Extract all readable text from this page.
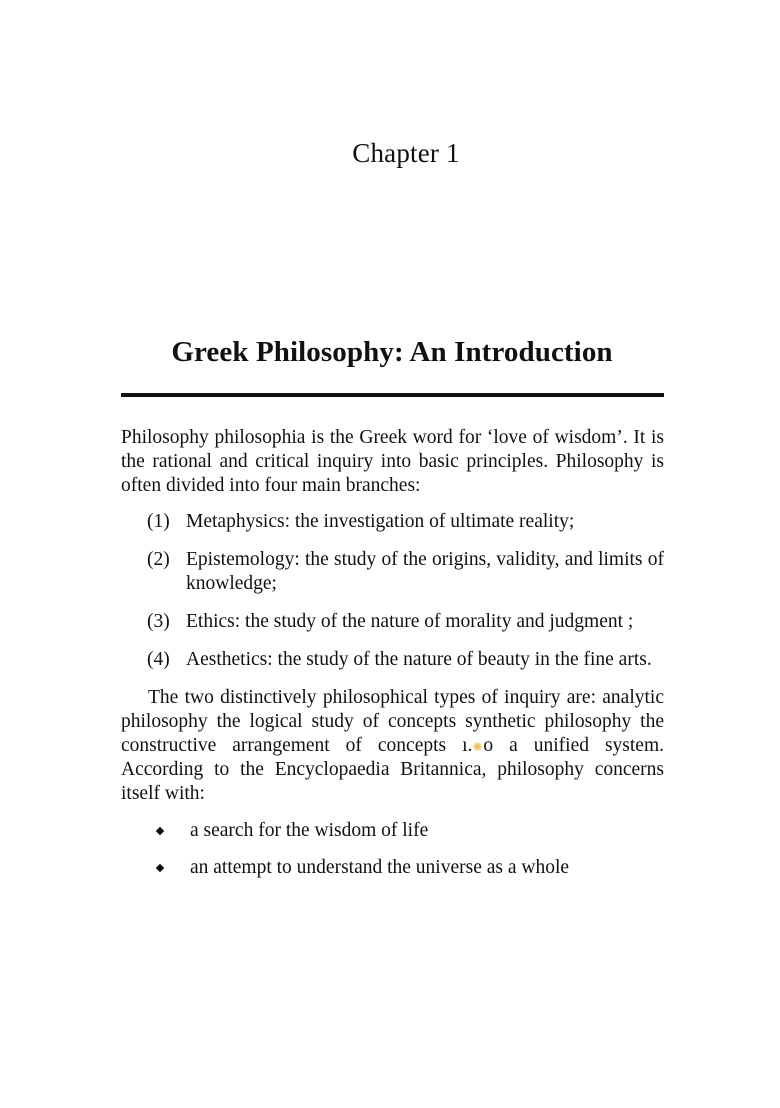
Chapter 1
Greek Philosophy: An Introduction

Philosophy philosophia is the Greek word for ‘love of wisdom’. It is the rational and critical inquiry into basic principles. Philosophy is often divided into four main branches:

(1) Metaphysics: the investigation of ultimate reality;
(2) Epistemology: the study of the origins, validity, and limits of knowledge;
(3) Ethics: the study of the nature of morality and judgment ;
(4) Aesthetics: the study of the nature of beauty in the fine arts.

The two distinctively philosophical types of inquiry are: analytic philosophy the logical study of concepts synthetic philosophy the constructive arrangement of concepts ı. o a unified system. According to the Encyclopaedia Britannica, philosophy concerns itself with:

a search for the wisdom of life
an attempt to understand the universe as a whole
